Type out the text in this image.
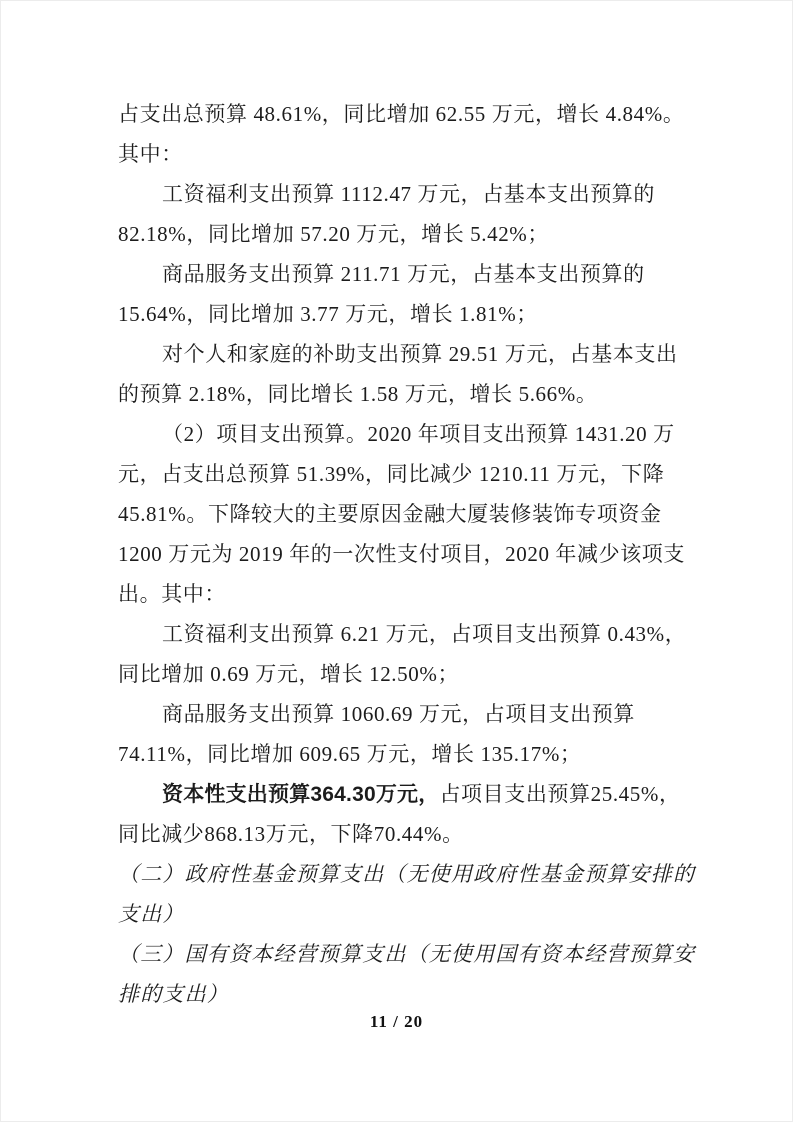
占支出总预算 48.61%，同比增加 62.55 万元，增长 4.84%。
其中：
工资福利支出预算 1112.47 万元，占基本支出预算的
82.18%，同比增加 57.20 万元，增长 5.42%；
商品服务支出预算 211.71 万元，占基本支出预算的
15.64%，同比增加 3.77 万元，增长 1.81%；
对个人和家庭的补助支出预算 29.51 万元，占基本支出
的预算 2.18%，同比增长 1.58 万元，增长 5.66%。
（2）项目支出预算。2020 年项目支出预算 1431.20 万
元，占支出总预算 51.39%，同比减少 1210.11 万元，下降
45.81%。下降较大的主要原因金融大厦装修装饰专项资金
1200 万元为 2019 年的一次性支付项目，2020 年减少该项支
出。其中：
工资福利支出预算 6.21 万元，占项目支出预算 0.43%，
同比增加 0.69 万元，增长 12.50%；
商品服务支出预算 1060.69 万元，占项目支出预算
74.11%，同比增加 609.65 万元，增长 135.17%；
资本性支出预算364.30万元，占项目支出预算25.45%，
同比减少868.13万元，下降70.44%。
（二）政府性基金预算支出（无使用政府性基金预算安排的
支出）
（三）国有资本经营预算支出（无使用国有资本经营预算安
排的支出）
11 / 20
